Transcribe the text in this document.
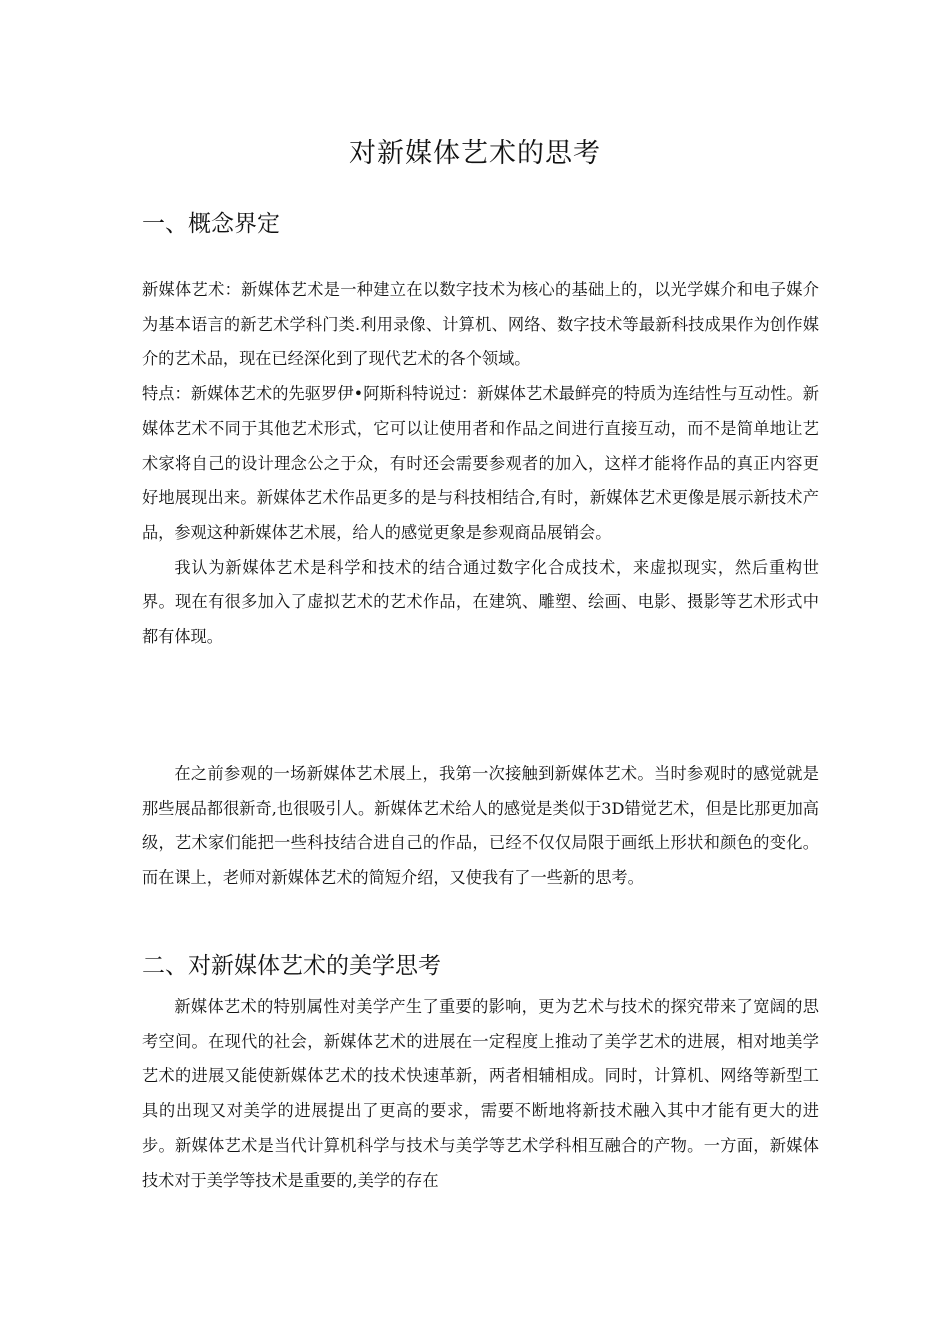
对新媒体艺术的思考
一、概念界定

新媒体艺术：新媒体艺术是一种建立在以数字技术为核心的基础上的，以光学媒介和电子媒介为基本语言的新艺术学科门类.利用录像、计算机、网络、数字技术等最新科技成果作为创作媒介的艺术品，现在已经深化到了现代艺术的各个领域。

特点：新媒体艺术的先驱罗伊•阿斯科特说过：新媒体艺术最鲜亮的特质为连结性与互动性。新媒体艺术不同于其他艺术形式，它可以让使用者和作品之间进行直接互动，而不是简单地让艺术家将自己的设计理念公之于众，有时还会需要参观者的加入，这样才能将作品的真正内容更好地展现出来。新媒体艺术作品更多的是与科技相结合,有时，新媒体艺术更像是展示新技术产品，参观这种新媒体艺术展，给人的感觉更象是参观商品展销会。

我认为新媒体艺术是科学和技术的结合通过数字化合成技术，来虚拟现实，然后重构世界。现在有很多加入了虚拟艺术的艺术作品，在建筑、雕塑、绘画、电影、摄影等艺术形式中都有体现。

在之前参观的一场新媒体艺术展上，我第一次接触到新媒体艺术。当时参观时的感觉就是那些展品都很新奇,也很吸引人。新媒体艺术给人的感觉是类似于3D错觉艺术，但是比那更加高级，艺术家们能把一些科技结合进自己的作品，已经不仅仅局限于画纸上形状和颜色的变化。而在课上，老师对新媒体艺术的简短介绍，又使我有了一些新的思考。

二、对新媒体艺术的美学思考

新媒体艺术的特别属性对美学产生了重要的影响，更为艺术与技术的探究带来了宽阔的思考空间。在现代的社会，新媒体艺术的进展在一定程度上推动了美学艺术的进展，相对地美学艺术的进展又能使新媒体艺术的技术快速革新，两者相辅相成。同时，计算机、网络等新型工具的出现又对美学的进展提出了更高的要求，需要不断地将新技术融入其中才能有更大的进步。新媒体艺术是当代计算机科学与技术与美学等艺术学科相互融合的产物。一方面，新媒体技术对于美学等技术是重要的,美学的存在
